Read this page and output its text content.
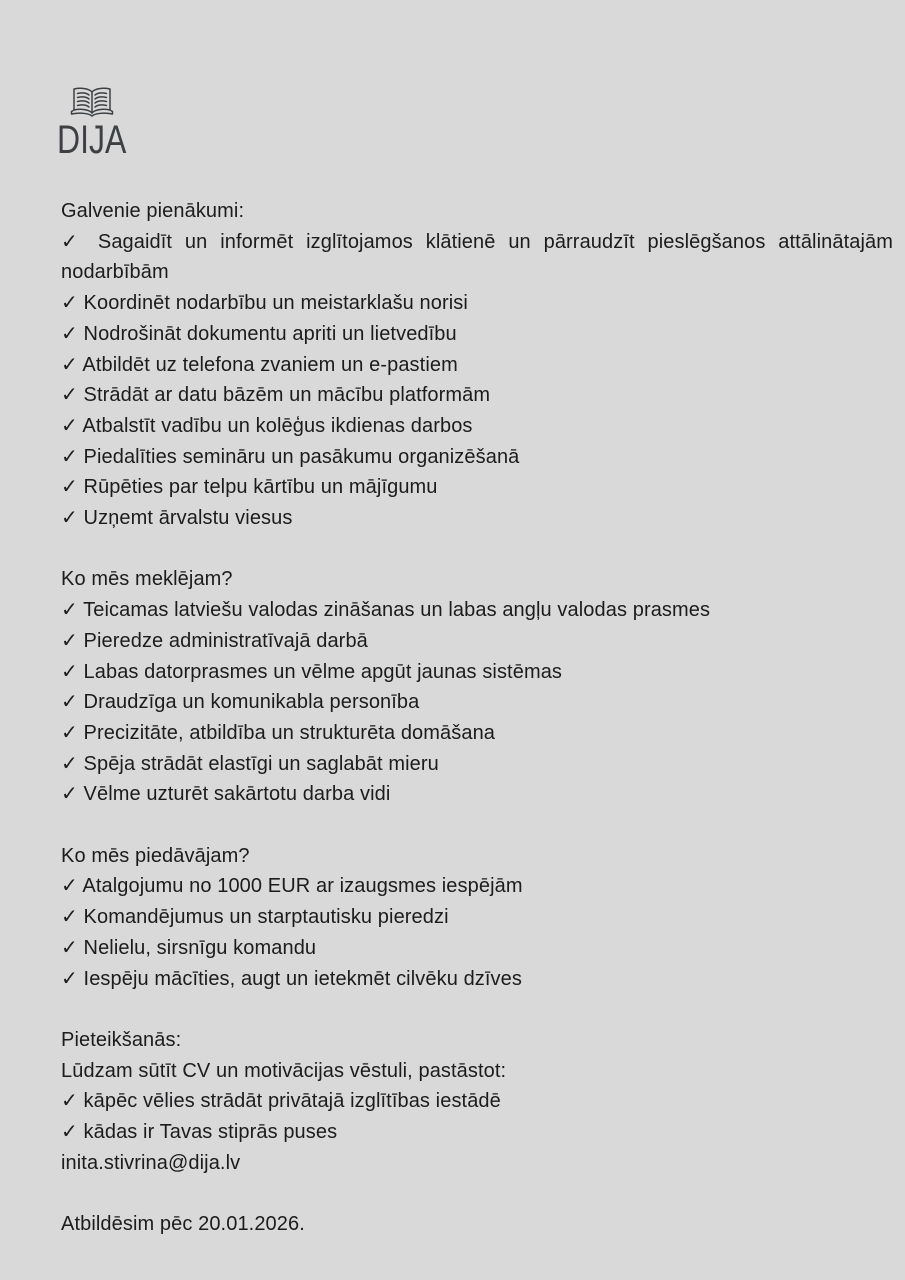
DIJA

Galvenie pienākumi:

✓ Sagaidīt un informēt izglītojamos klātienē un pārraudzīt pieslēgšanos attālinātajām nodarbībām

✓ Koordinēt nodarbību un meistarklašu norisi

✓ Nodrošināt dokumentu apriti un lietvedību

✓ Atbildēt uz telefona zvaniem un e-pastiem

✓ Strādāt ar datu bāzēm un mācību platformām

✓ Atbalstīt vadību un kolēģus ikdienas darbos

✓ Piedalīties semināru un pasākumu organizēšanā

✓ Rūpēties par telpu kārtību un mājīgumu

✓ Uzņemt ārvalstu viesus

Ko mēs meklējam?

✓ Teicamas latviešu valodas zināšanas un labas angļu valodas prasmes

✓ Pieredze administratīvajā darbā

✓ Labas datorprasmes un vēlme apgūt jaunas sistēmas

✓ Draudzīga un komunikabla personība

✓ Precizitāte, atbildība un strukturēta domāšana

✓ Spēja strādāt elastīgi un saglabāt mieru

✓ Vēlme uzturēt sakārtotu darba vidi

Ko mēs piedāvājam?

✓ Atalgojumu no 1000 EUR ar izaugsmes iespējām

✓ Komandējumus un starptautisku pieredzi

✓ Nelielu, sirsnīgu komandu

✓ Iespēju mācīties, augt un ietekmēt cilvēku dzīves

Pieteikšanās:

Lūdzam sūtīt CV un motivācijas vēstuli, pastāstot:

✓ kāpēc vēlies strādāt privātajā izglītības iestādē

✓ kādas ir Tavas stiprās puses

inita.stivrina@dija.lv

Atbildēsim pēc 20.01.2026.
